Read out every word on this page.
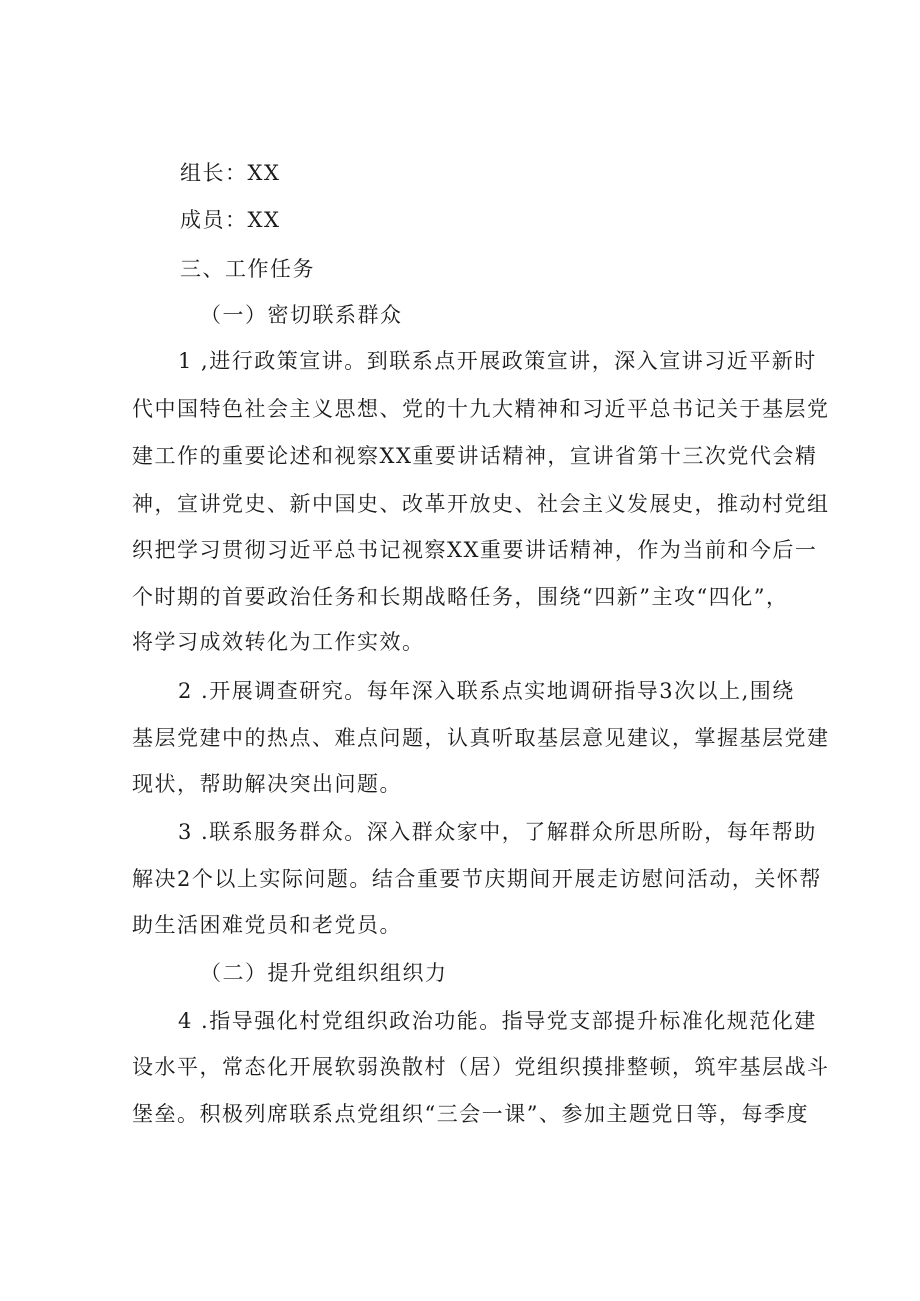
组长：XX
成员：XX
三、工作任务
（一）密切联系群众
1 ,进行政策宣讲。到联系点开展政策宣讲，深入宣讲习近平新时
代中国特色社会主义思想、党的十九大精神和习近平总书记关于基层党
建工作的重要论述和视察XX重要讲话精神，宣讲省第十三次党代会精
神，宣讲党史、新中国史、改革开放史、社会主义发展史，推动村党组
织把学习贯彻习近平总书记视察XX重要讲话精神，作为当前和今后一
个时期的首要政治任务和长期战略任务，围绕“四新”主攻“四化”，
将学习成效转化为工作实效。
2 .开展调查研究。每年深入联系点实地调研指导3次以上,围绕
基层党建中的热点、难点问题，认真听取基层意见建议，掌握基层党建
现状，帮助解决突出问题。
3 .联系服务群众。深入群众家中，了解群众所思所盼，每年帮助
解决2个以上实际问题。结合重要节庆期间开展走访慰问活动，关怀帮
助生活困难党员和老党员。
（二）提升党组织组织力
4 .指导强化村党组织政治功能。指导党支部提升标准化规范化建
设水平，常态化开展软弱涣散村（居）党组织摸排整顿，筑牢基层战斗
堡垒。积极列席联系点党组织“三会一课”、参加主题党日等，每季度
